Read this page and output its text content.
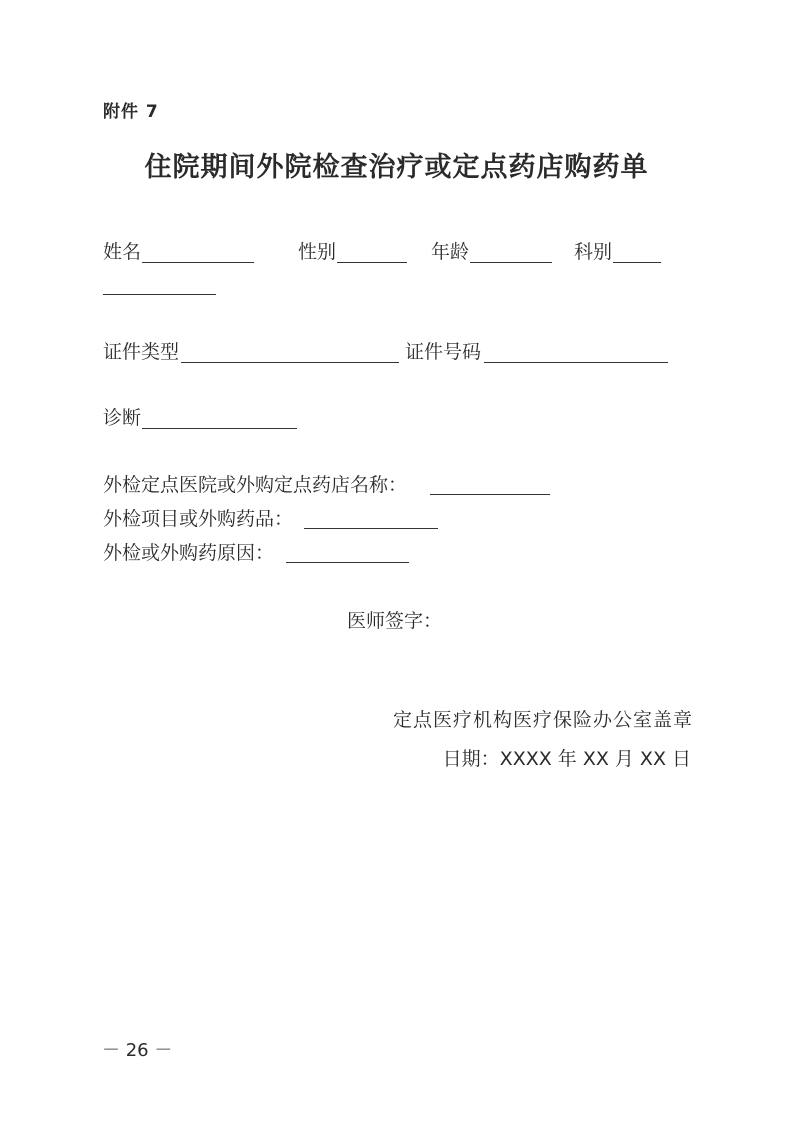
附件 7
住院期间外院检查治疗或定点药店购药单
姓名	性别	年龄	科别
证件类型	证件号码
诊断
外检定点医院或外购定点药店名称：
外检项目或外购药品：
外检或外购药原因：
医师签字：
定点医疗机构医疗保险办公室盖章
日期：XXXX 年 XX 月 XX 日
－ 26 －
